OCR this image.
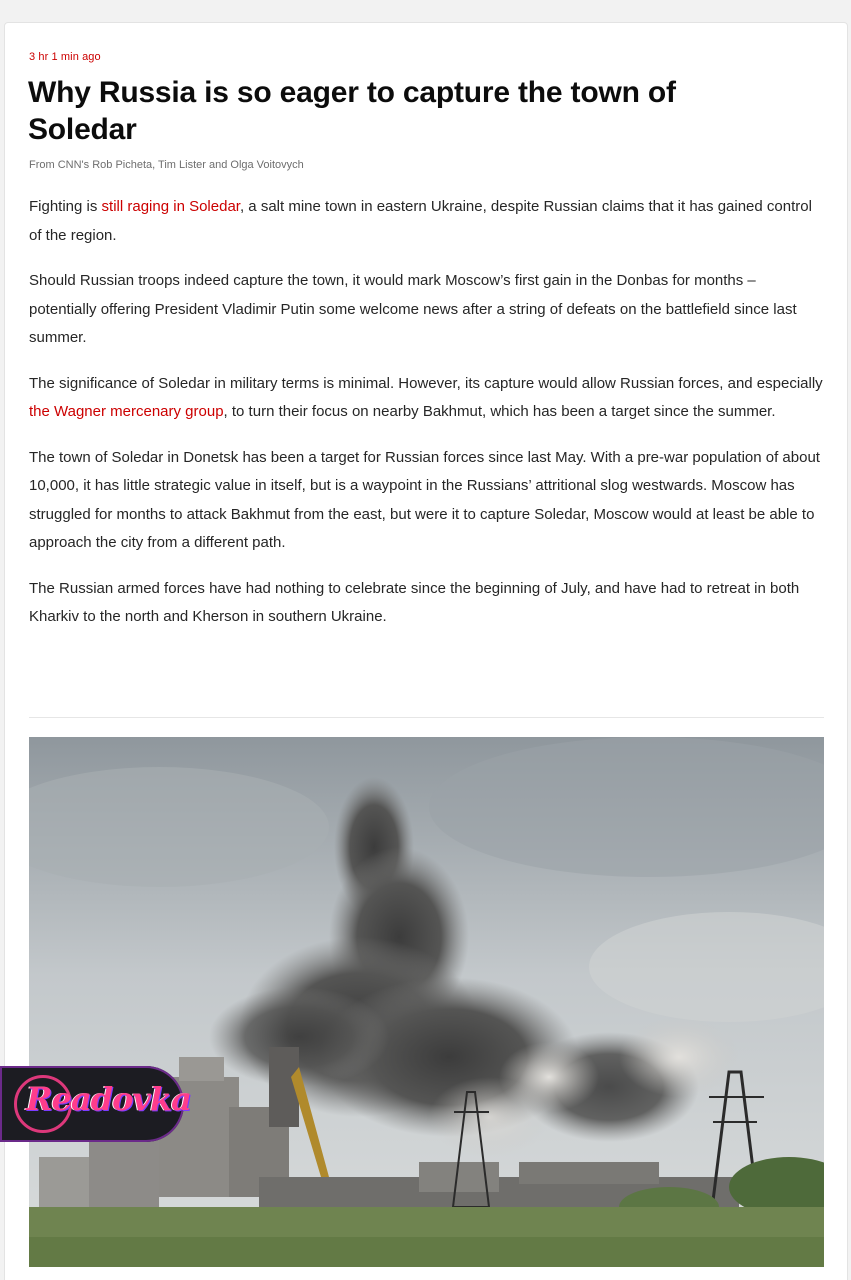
3 hr 1 min ago
Why Russia is so eager to capture the town of Soledar
From CNN's Rob Picheta, Tim Lister and Olga Voitovych

Fighting is still raging in Soledar, a salt mine town in eastern Ukraine, despite Russian claims that it has gained control of the region.

Should Russian troops indeed capture the town, it would mark Moscow’s first gain in the Donbas for months – potentially offering President Vladimir Putin some welcome news after a string of defeats on the battlefield since last summer.

The significance of Soledar in military terms is minimal. However, its capture would allow Russian forces, and especially the Wagner mercenary group, to turn their focus on nearby Bakhmut, which has been a target since the summer.

The town of Soledar in Donetsk has been a target for Russian forces since last May. With a pre-war population of about 10,000, it has little strategic value in itself, but is a waypoint in the Russians’ attritional slog westwards. Moscow has struggled for months to attack Bakhmut from the east, but were it to capture Soledar, Moscow would at least be able to approach the city from a different path.

The Russian armed forces have had nothing to celebrate since the beginning of July, and have had to retreat in both Kharkiv to the north and Kherson in southern Ukraine.

Readovka
